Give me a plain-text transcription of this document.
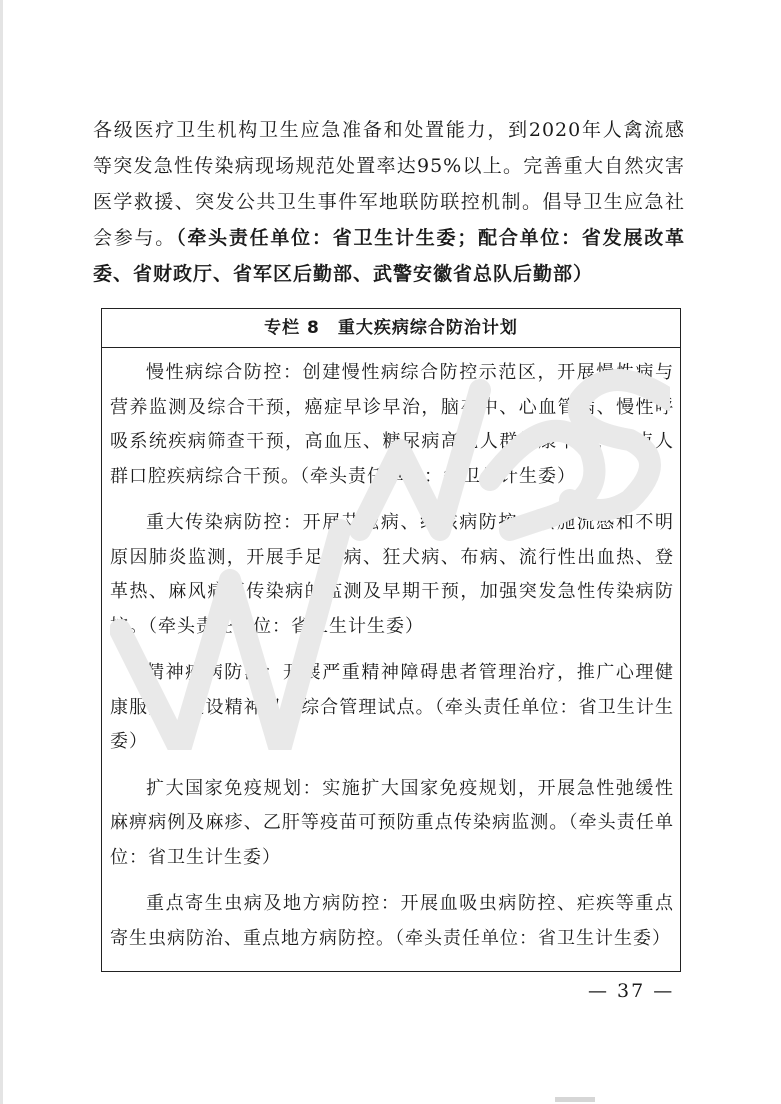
各级医疗卫生机构卫生应急准备和处置能力，到2020年人禽流感等突发急性传染病现场规范处置率达95%以上。完善重大自然灾害医学救援、突发公共卫生事件军地联防联控机制。倡导卫生应急社会参与。（牵头责任单位：省卫生计生委；配合单位：省发展改革委、省财政厅、省军区后勤部、武警安徽省总队后勤部）

专栏 8　重大疾病综合防治计划

慢性病综合防控：创建慢性病综合防控示范区，开展慢性病与营养监测及综合干预，癌症早诊早治，脑卒中、心血管病、慢性呼吸系统疾病筛查干预，高血压、糖尿病高危人群健康干预，重点人群口腔疾病综合干预。（牵头责任单位：省卫生计生委）

重大传染病防控：开展艾滋病、结核病防控，实施流感和不明原因肺炎监测，开展手足口病、狂犬病、布病、流行性出血热、登革热、麻风病等传染病的监测及早期干预，加强突发急性传染病防控。（牵头责任单位：省卫生计生委）

精神疾病防治：开展严重精神障碍患者管理治疗，推广心理健康服务，建设精神卫生综合管理试点。（牵头责任单位：省卫生计生委）

扩大国家免疫规划：实施扩大国家免疫规划，开展急性弛缓性麻痹病例及麻疹、乙肝等疫苗可预防重点传染病监测。（牵头责任单位：省卫生计生委）

重点寄生虫病及地方病防控：开展血吸虫病防控、疟疾等重点寄生虫病防治、重点地方病防控。（牵头责任单位：省卫生计生委）

— 37 —
